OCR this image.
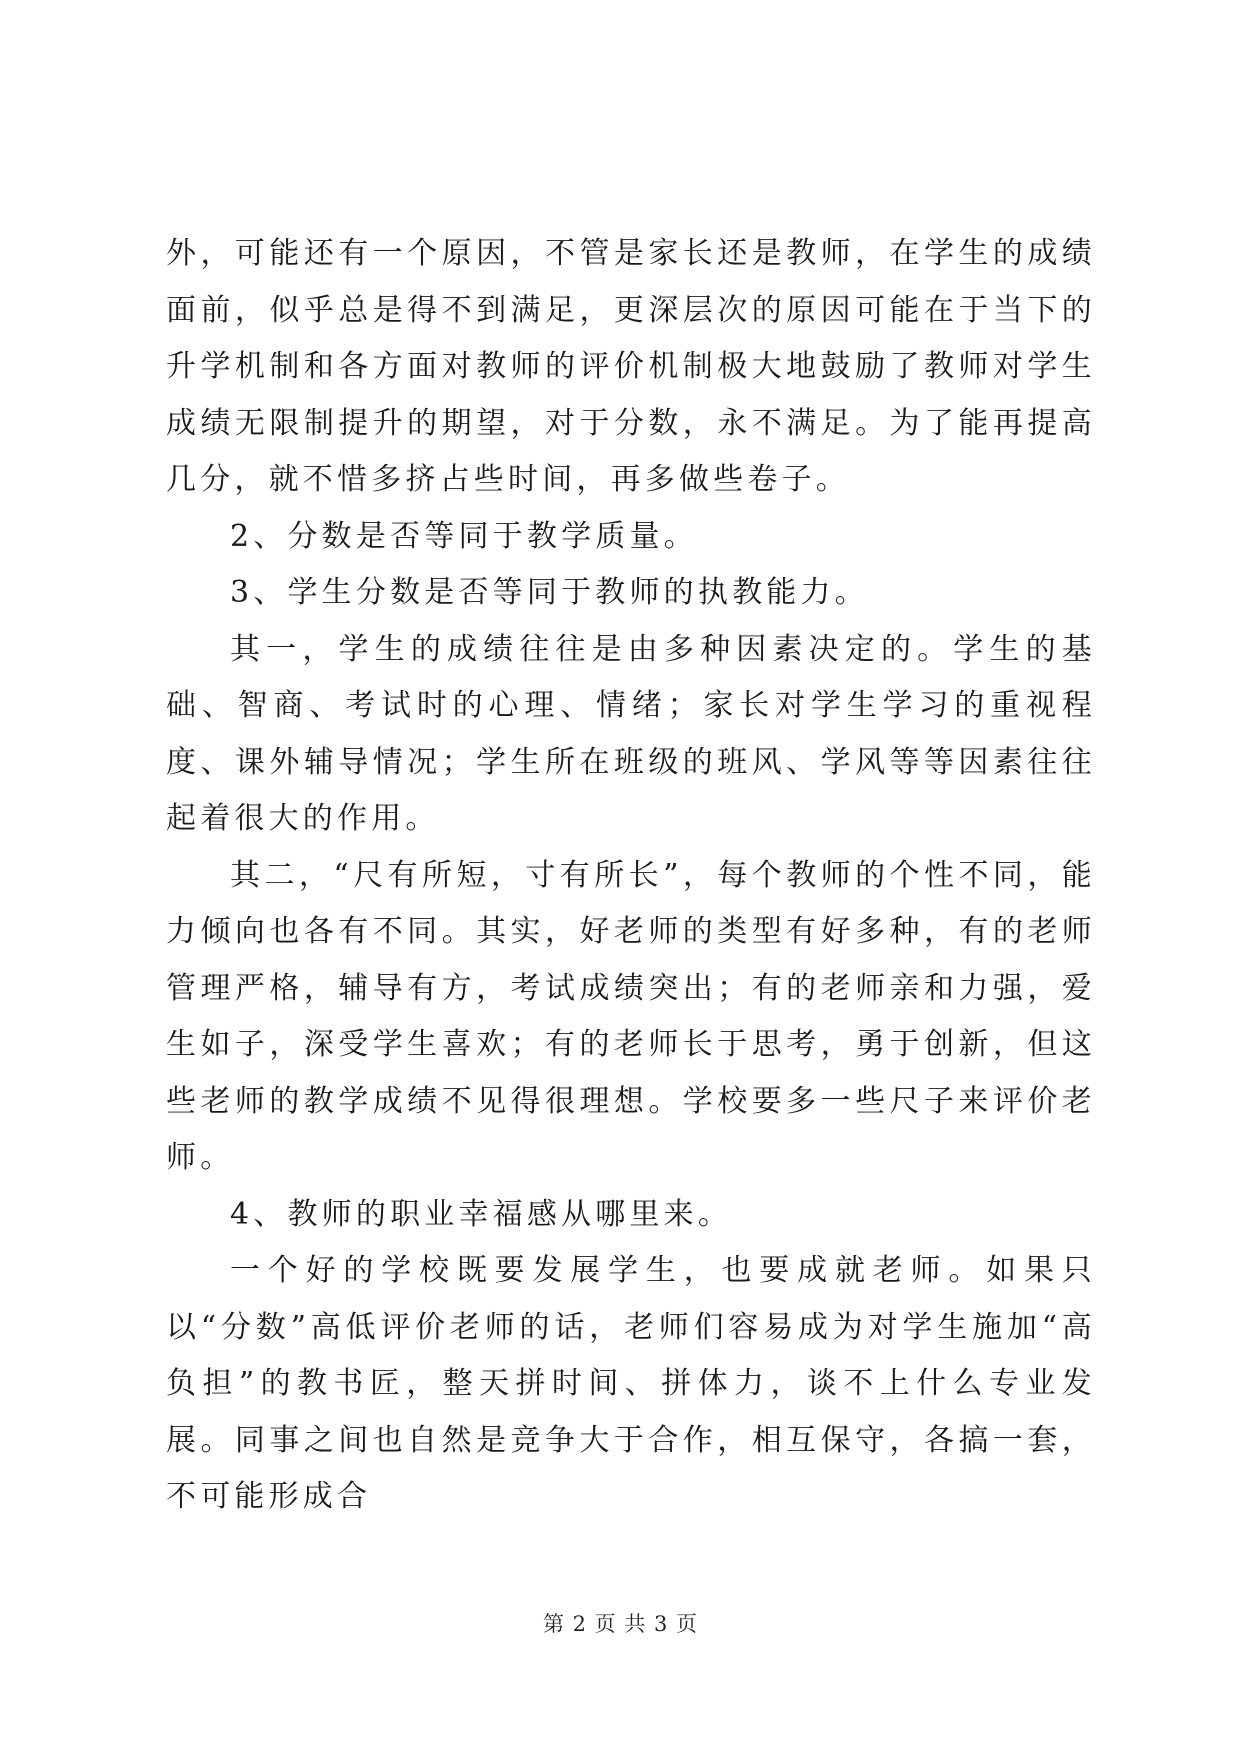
外，可能还有一个原因，不管是家长还是教师，在学生的成绩面前，似乎总是得不到满足，更深层次的原因可能在于当下的升学机制和各方面对教师的评价机制极大地鼓励了教师对学生成绩无限制提升的期望，对于分数，永不满足。为了能再提高几分，就不惜多挤占些时间，再多做些卷子。

2、分数是否等同于教学质量。

3、学生分数是否等同于教师的执教能力。

其一，学生的成绩往往是由多种因素决定的。学生的基础、智商、考试时的心理、情绪；家长对学生学习的重视程度、课外辅导情况；学生所在班级的班风、学风等等因素往往起着很大的作用。

其二，“尺有所短，寸有所长”，每个教师的个性不同，能力倾向也各有不同。其实，好老师的类型有好多种，有的老师管理严格，辅导有方，考试成绩突出；有的老师亲和力强，爱生如子，深受学生喜欢；有的老师长于思考，勇于创新，但这些老师的教学成绩不见得很理想。学校要多一些尺子来评价老师。

4、教师的职业幸福感从哪里来。

一个好的学校既要发展学生，也要成就老师。如果只以“分数”高低评价老师的话，老师们容易成为对学生施加“高负担”的教书匠，整天拼时间、拼体力，谈不上什么专业发展。同事之间也自然是竞争大于合作，相互保守，各搞一套，不可能形成合

第 2 页 共 3 页
